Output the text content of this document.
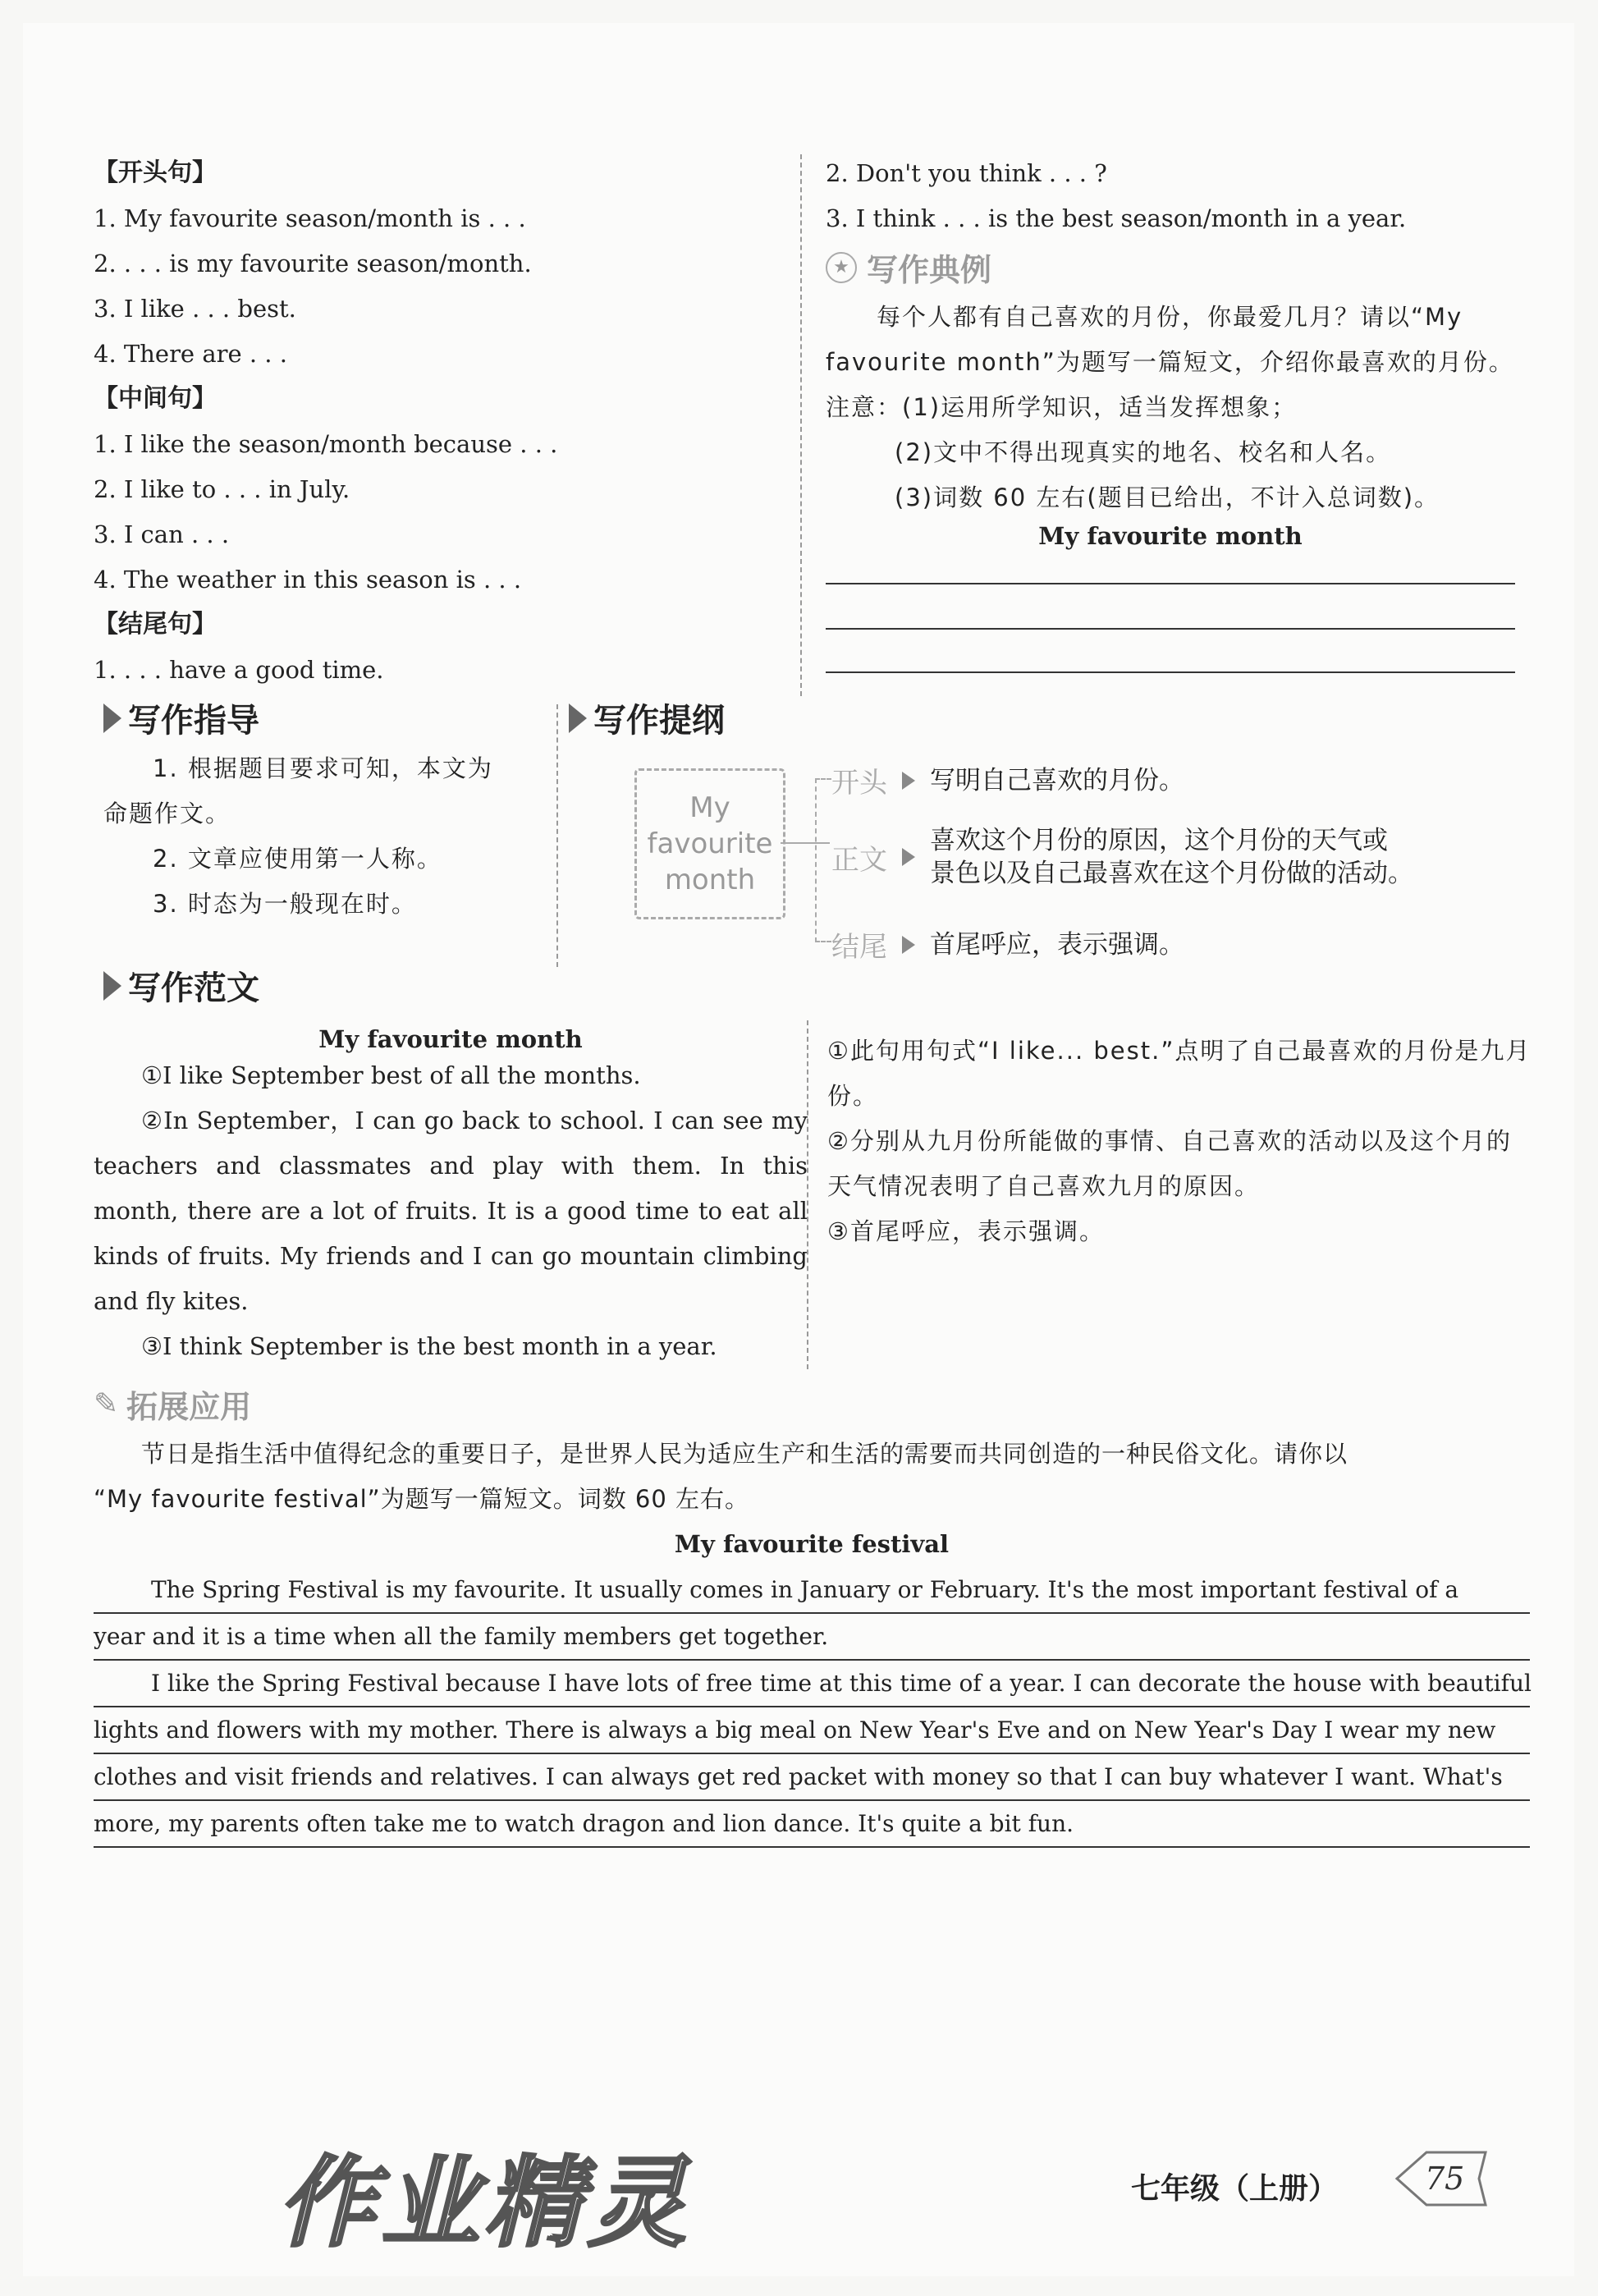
【开头句】
1. My favourite season/month is . . .
2. . . . is my favourite season/month.
3. I like . . . best.
4. There are . . .
【中间句】
1. I like the season/month because . . .
2. I like to . . . in July.
3. I can . . .
4. The weather in this season is . . .
【结尾句】
1. . . . have a good time.
2. Don't you think . . . ?
3. I think . . . is the best season/month in a year.
★ 写作典例
每个人都有自己喜欢的月份，你最爱几月？请以“My
favourite month”为题写一篇短文，介绍你最喜欢的月份。
注意：(1)运用所学知识，适当发挥想象；
(2)文中不得出现真实的地名、校名和人名。
(3)词数 60 左右(题目已给出，不计入总词数)。
My favourite month
写作指导
1. 根据题目要求可知，本文为
命题作文。
2. 文章应使用第一人称。
3. 时态为一般现在时。
写作提纲
My
favourite
month
开头 写明自己喜欢的月份。
正文
喜欢这个月份的原因，这个月份的天气或
景色以及自己最喜欢在这个月份做的活动。
结尾 首尾呼应，表示强调。
写作范文
My favourite month
①I like September best of all the months.
②In September，I can go back to school. I can see my teachers and classmates and play with them. In this month, there are a lot of fruits. It is a good time to eat all kinds of fruits. My friends and I can go mountain climbing and fly kites.
③I think September is the best month in a year.
①此句用句式“I like... best.”点明了自己最喜欢的月份是九月份。
②分别从九月份所能做的事情、自己喜欢的活动以及这个月的天气情况表明了自己喜欢九月的原因。
③首尾呼应，表示强调。
✎ 拓展应用
节日是指生活中值得纪念的重要日子，是世界人民为适应生产和生活的需要而共同创造的一种民俗文化。请你以
“My favourite festival”为题写一篇短文。词数 60 左右。
My favourite festival
The Spring Festival is my favourite. It usually comes in January or February. It's the most important festival of a
year and it is a time when all the family members get together.
I like the Spring Festival because I have lots of free time at this time of a year. I can decorate the house with beautiful
lights and flowers with my mother. There is always a big meal on New Year's Eve and on New Year's Day I wear my new
clothes and visit friends and relatives. I can always get red packet with money so that I can buy whatever I want. What's
more, my parents often take me to watch dragon and lion dance. It's quite a bit fun.
作业精灵	七年级（上册）	75
